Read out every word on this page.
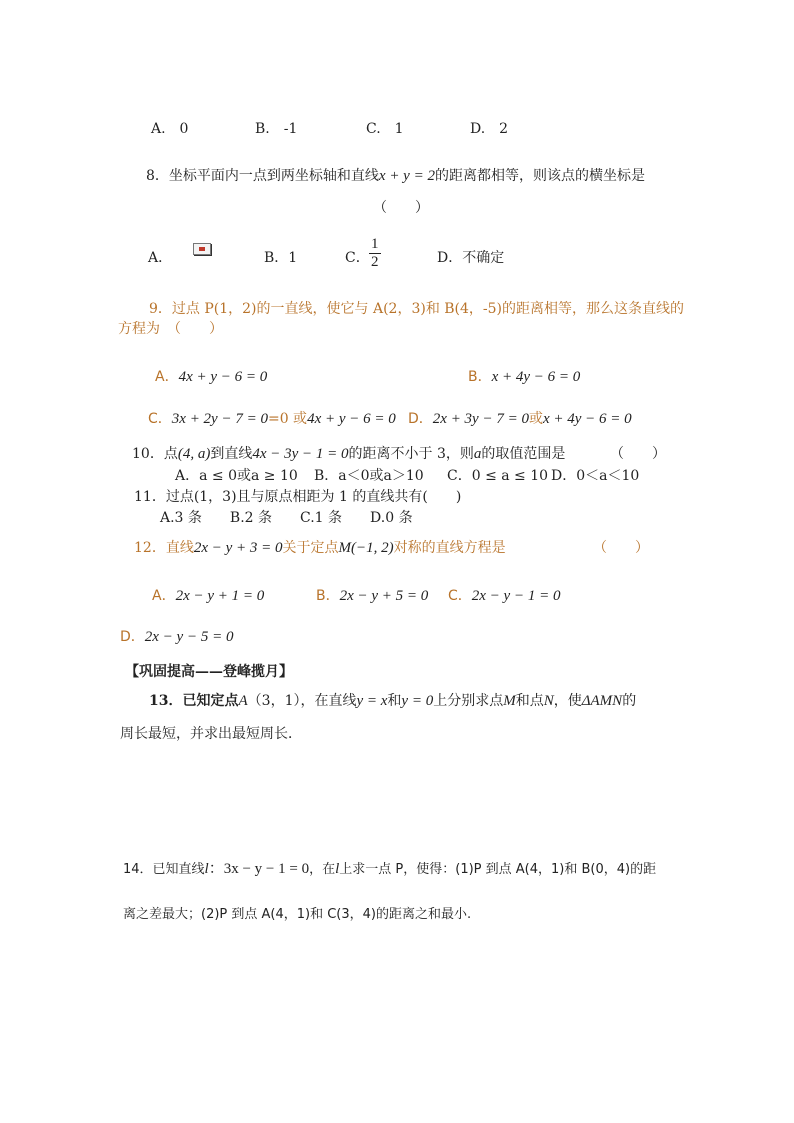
A.　0	B.　-1	C.　1	D.　2
8．坐标平面内一点到两坐标轴和直线x + y = 2的距离都相等，则该点的横坐标是
（　　）
A．	B．1	C． $\frac{1}{2}$	D．不确定
9．过点 P(1，2)的一直线，使它与 A(2，3)和 B(4，-5)的距离相等，那么这条直线的
方程为　（　　）
A．4x + y − 6 = 0	B．x + 4y − 6 = 0
C．3x + 2y − 7 = 0=0 或4x + y − 6 = 0 D．2x + 3y − 7 = 0或x + 4y − 6 = 0
10．点(4, a)到直线4x − 3y − 1 = 0的距离不小于 3，则a的取值范围是	（　　）
A．a ≤ 0或a ≥ 10 B．a＜0或a＞10 C．0 ≤ a ≤ 10 D．0＜a＜10
11．过点(1，3)且与原点相距为 1 的直线共有(　　)
A.3 条　　B.2 条　　C.1 条　　D.0 条
12．直线2x − y + 3 = 0关于定点M(−1, 2)对称的直线方程是	（　　）
A．2x − y + 1 = 0	B．2x − y + 5 = 0 C．2x − y − 1 = 0
D．2x − y − 5 = 0
【巩固提高——登峰揽月】
13．已知定点A（3，1），在直线y = x和y = 0上分别求点M和点N，使ΔAMN的
周长最短，并求出最短周长．
14．已知直线l：3x − y − 1 = 0，在l上求一点 P，使得：(1)P 到点 A(4，1)和 B(0，4)的距
离之差最大；(2)P 到点 A(4，1)和 C(3，4)的距离之和最小.
